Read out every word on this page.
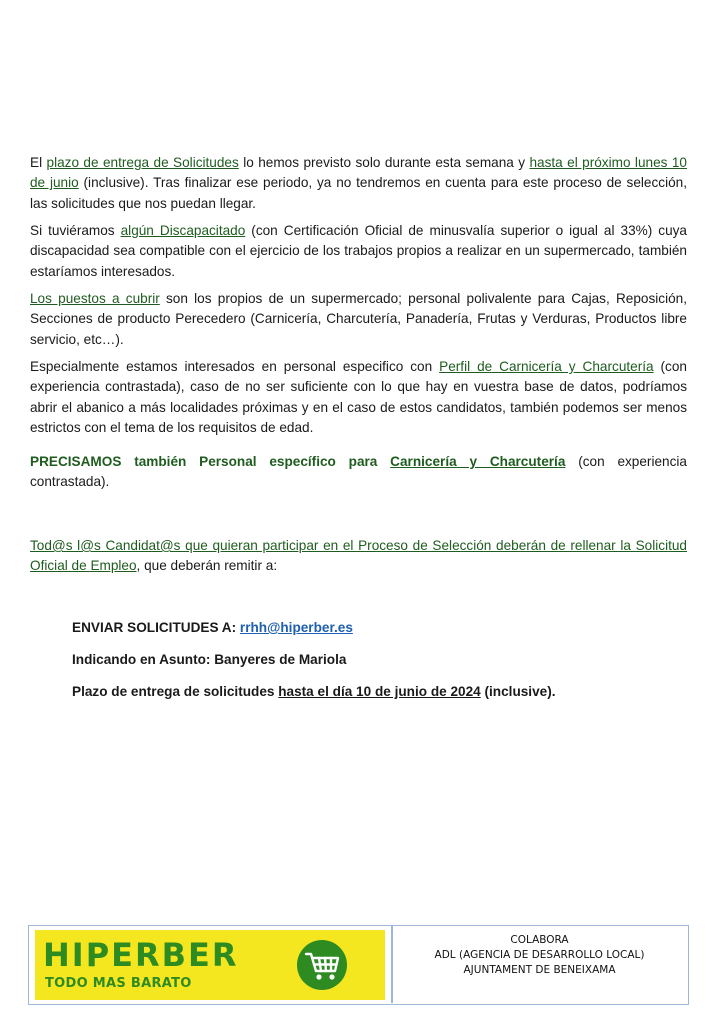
El plazo de entrega de Solicitudes lo hemos previsto solo durante esta semana y hasta el próximo lunes 10 de junio (inclusive). Tras finalizar ese periodo, ya no tendremos en cuenta para este proceso de selección, las solicitudes que nos puedan llegar.

Si tuviéramos algún Discapacitado (con Certificación Oficial de minusvalía superior o igual al 33%) cuya discapacidad sea compatible con el ejercicio de los trabajos propios a realizar en un supermercado, también estaríamos interesados.

Los puestos a cubrir son los propios de un supermercado; personal polivalente para Cajas, Reposición, Secciones de producto Perecedero (Carnicería, Charcutería, Panadería, Frutas y Verduras, Productos libre servicio, etc…).

Especialmente estamos interesados en personal especifico con Perfil de Carnicería y Charcutería (con experiencia contrastada), caso de no ser suficiente con lo que hay en vuestra base de datos, podríamos abrir el abanico a más localidades próximas y en el caso de estos candidatos, también podemos ser menos estrictos con el tema de los requisitos de edad.

PRECISAMOS también Personal específico para Carnicería y Charcutería (con experiencia contrastada).

Tod@s l@s Candidat@s que quieran participar en el Proceso de Selección deberán de rellenar la Solicitud Oficial de Empleo, que deberán remitir a:

ENVIAR SOLICITUDES A: rrhh@hiperber.es
Indicando en Asunto: Banyeres de Mariola
Plazo de entrega de solicitudes hasta el día 10 de junio de 2024 (inclusive).
HIPERBER
TODO MAS BARATO
COLABORA
ADL (AGENCIA DE DESARROLLO LOCAL)
AJUNTAMENT DE BENEIXAMA
